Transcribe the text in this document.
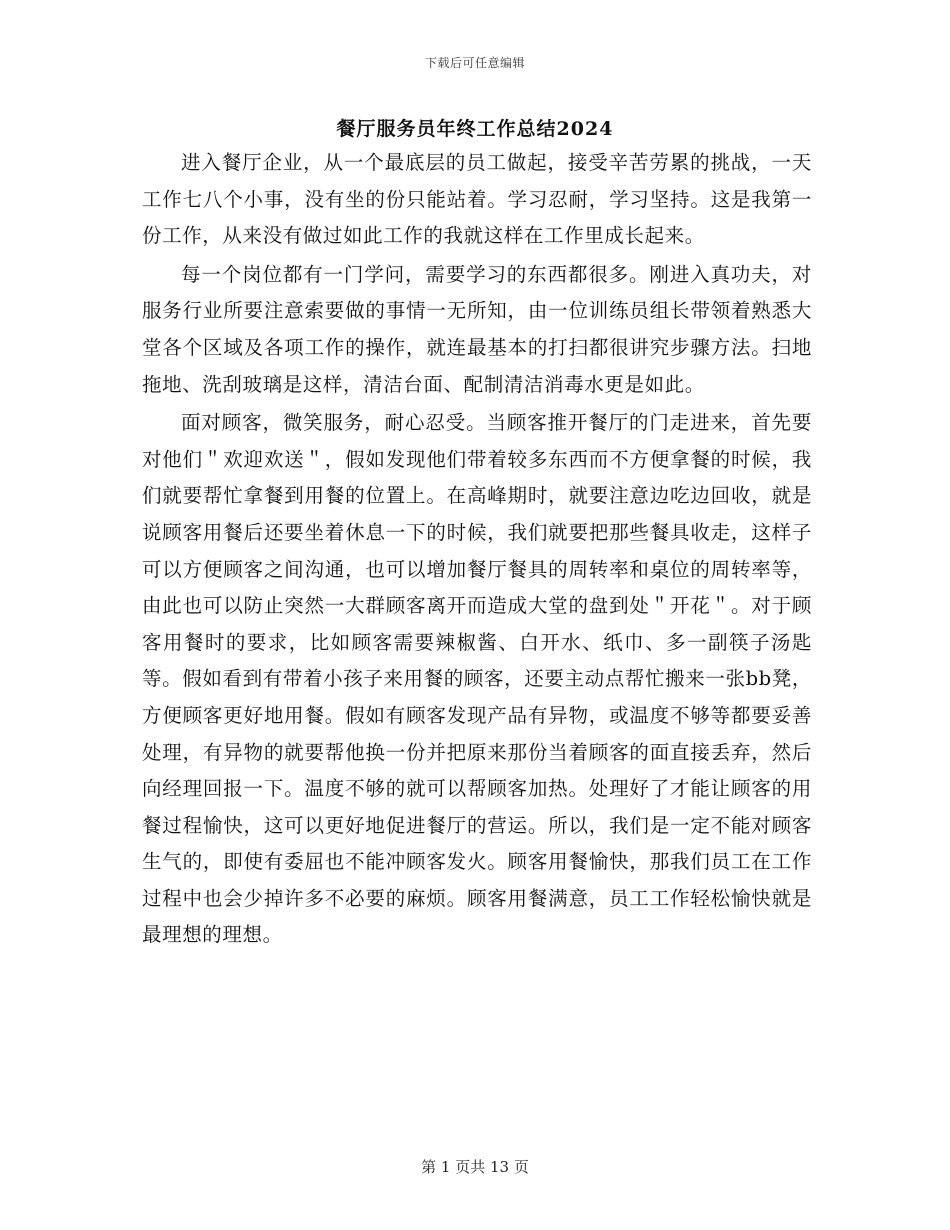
下载后可任意编辑
餐厅服务员年终工作总结2024

进入餐厅企业，从一个最底层的员工做起，接受辛苦劳累的挑战，一天工作七八个小事，没有坐的份只能站着。学习忍耐，学习坚持。这是我第一份工作，从来没有做过如此工作的我就这样在工作里成长起来。

每一个岗位都有一门学问，需要学习的东西都很多。刚进入真功夫，对服务行业所要注意索要做的事情一无所知，由一位训练员组长带领着熟悉大堂各个区域及各项工作的操作，就连最基本的打扫都很讲究步骤方法。扫地拖地、洗刮玻璃是这样，清洁台面、配制清洁消毒水更是如此。

面对顾客，微笑服务，耐心忍受。当顾客推开餐厅的门走进来，首先要对他们＂欢迎欢送＂，假如发现他们带着较多东西而不方便拿餐的时候，我们就要帮忙拿餐到用餐的位置上。在高峰期时，就要注意边吃边回收，就是说顾客用餐后还要坐着休息一下的时候，我们就要把那些餐具收走，这样子可以方便顾客之间沟通，也可以增加餐厅餐具的周转率和桌位的周转率等，由此也可以防止突然一大群顾客离开而造成大堂的盘到处＂开花＂。对于顾客用餐时的要求，比如顾客需要辣椒酱、白开水、纸巾、多一副筷子汤匙等。假如看到有带着小孩子来用餐的顾客，还要主动点帮忙搬来一张bb凳，方便顾客更好地用餐。假如有顾客发现产品有异物，或温度不够等都要妥善处理，有异物的就要帮他换一份并把原来那份当着顾客的面直接丢弃，然后向经理回报一下。温度不够的就可以帮顾客加热。处理好了才能让顾客的用餐过程愉快，这可以更好地促进餐厅的营运。所以，我们是一定不能对顾客生气的，即使有委屈也不能冲顾客发火。顾客用餐愉快，那我们员工在工作过程中也会少掉许多不必要的麻烦。顾客用餐满意，员工工作轻松愉快就是最理想的理想。

第 1 页共 13 页
